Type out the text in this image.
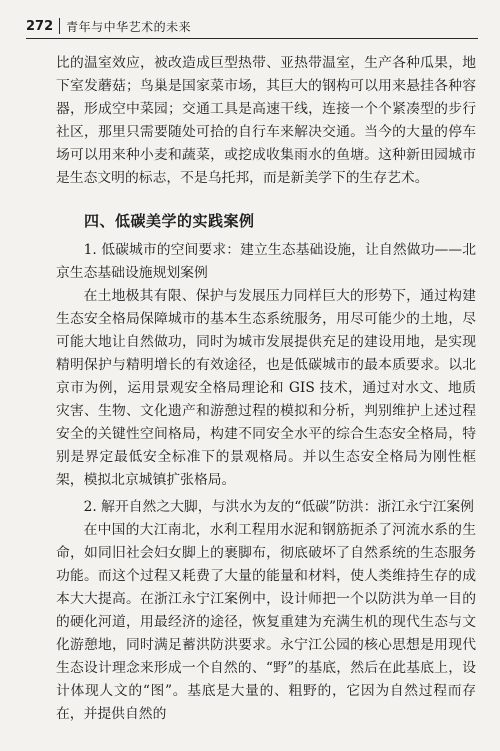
272	青年与中华艺术的未来

比的温室效应，被改造成巨型热带、亚热带温室，生产各种瓜果，地下室发蘑菇；鸟巢是国家菜市场，其巨大的钢构可以用来悬挂各种容器，形成空中菜园；交通工具是高速干线，连接一个个紧凑型的步行社区，那里只需要随处可拾的自行车来解决交通。当今的大量的停车场可以用来种小麦和蔬菜，或挖成收集雨水的鱼塘。这种新田园城市是生态文明的标志，不是乌托邦，而是新美学下的生存艺术。

四、低碳美学的实践案例

1. 低碳城市的空间要求：建立生态基础设施，让自然做功——北京生态基础设施规划案例

在土地极其有限、保护与发展压力同样巨大的形势下，通过构建生态安全格局保障城市的基本生态系统服务，用尽可能少的土地，尽可能大地让自然做功，同时为城市发展提供充足的建设用地，是实现精明保护与精明增长的有效途径，也是低碳城市的最本质要求。以北京市为例，运用景观安全格局理论和 GIS 技术，通过对水文、地质灾害、生物、文化遗产和游憩过程的模拟和分析，判别维护上述过程安全的关键性空间格局，构建不同安全水平的综合生态安全格局，特别是界定最低安全标准下的景观格局。并以生态安全格局为刚性框架，模拟北京城镇扩张格局。

2. 解开自然之大脚，与洪水为友的“低碳”防洪：浙江永宁江案例

在中国的大江南北，水利工程用水泥和钢筋扼杀了河流水系的生命，如同旧社会妇女脚上的裹脚布，彻底破坏了自然系统的生态服务功能。而这个过程又耗费了大量的能量和材料，使人类维持生存的成本大大提高。在浙江永宁江案例中，设计师把一个以防洪为单一目的的硬化河道，用最经济的途径，恢复重建为充满生机的现代生态与文化游憩地，同时满足蓄洪防洪要求。永宁江公园的核心思想是用现代生态设计理念来形成一个自然的、“野”的基底，然后在此基底上，设计体现人文的“图”。基底是大量的、粗野的，它因为自然过程而存在，并提供自然的
